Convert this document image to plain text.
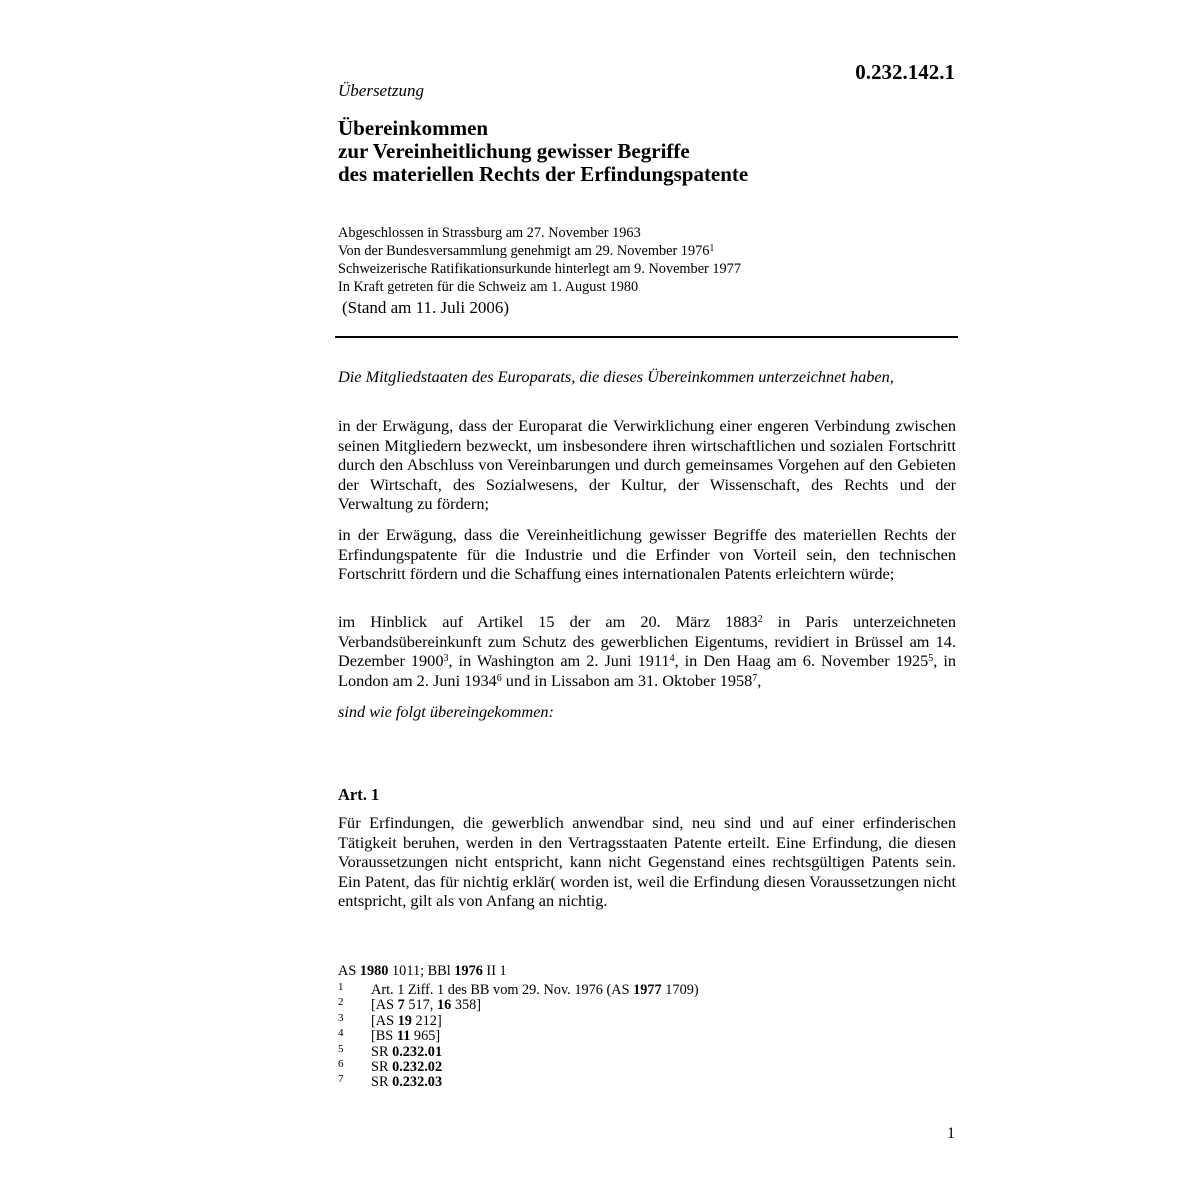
0.232.142.1
Übersetzung
Übereinkommen
zur Vereinheitlichung gewisser Begriffe
des materiellen Rechts der Erfindungspatente
Abgeschlossen in Strassburg am 27. November 1963
Von der Bundesversammlung genehmigt am 29. November 1976$^1$
Schweizerische Ratifikationsurkunde hinterlegt am 9. November 1977
In Kraft getreten für die Schweiz am 1. August 1980
(Stand am 11. Juli 2006)
Die Mitgliedstaaten des Europarats, die dieses Übereinkommen unterzeichnet haben,
in der Erwägung, dass der Europarat die Verwirklichung einer engeren Verbindung zwischen seinen Mitgliedern bezweckt, um insbesondere ihren wirtschaftlichen und sozialen Fortschritt durch den Abschluss von Vereinbarungen und durch gemeinsames Vorgehen auf den Gebieten der Wirtschaft, des Sozialwesens, der Kultur, der Wissenschaft, des Rechts und der Verwaltung zu fördern;
in der Erwägung, dass die Vereinheitlichung gewisser Begriffe des materiellen Rechts der Erfindungspatente für die Industrie und die Erfinder von Vorteil sein, den technischen Fortschritt fördern und die Schaffung eines internationalen Patents erleichtern würde;
im Hinblick auf Artikel 15 der am 20. März 1883$^2$ in Paris unterzeichneten Verbandsübereinkunft zum Schutz des gewerblichen Eigentums, revidiert in Brüssel am 14. Dezember 1900$^3$, in Washington am 2. Juni 1911$^4$, in Den Haag am 6. November 1925$^5$, in London am 2. Juni 1934$^6$ und in Lissabon am 31. Oktober 1958$^7$,
sind wie folgt übereingekommen:
Art. 1
Für Erfindungen, die gewerblich anwendbar sind, neu sind und auf einer erfinderischen Tätigkeit beruhen, werden in den Vertragsstaaten Patente erteilt. Eine Erfindung, die diesen Voraussetzungen nicht entspricht, kann nicht Gegenstand eines rechtsgültigen Patents sein. Ein Patent, das für nichtig erklär( worden ist, weil die Erfindung diesen Voraussetzungen nicht entspricht, gilt als von Anfang an nichtig.
AS 1980 1011; BBl 1976 II 1
1	Art. 1 Ziff. 1 des BB vom 29. Nov. 1976 (AS 1977 1709)
2	[AS 7 517, 16 358]
3	[AS 19 212]
4	[BS 11 965]
5	SR 0.232.01
6	SR 0.232.02
7	SR 0.232.03
1
